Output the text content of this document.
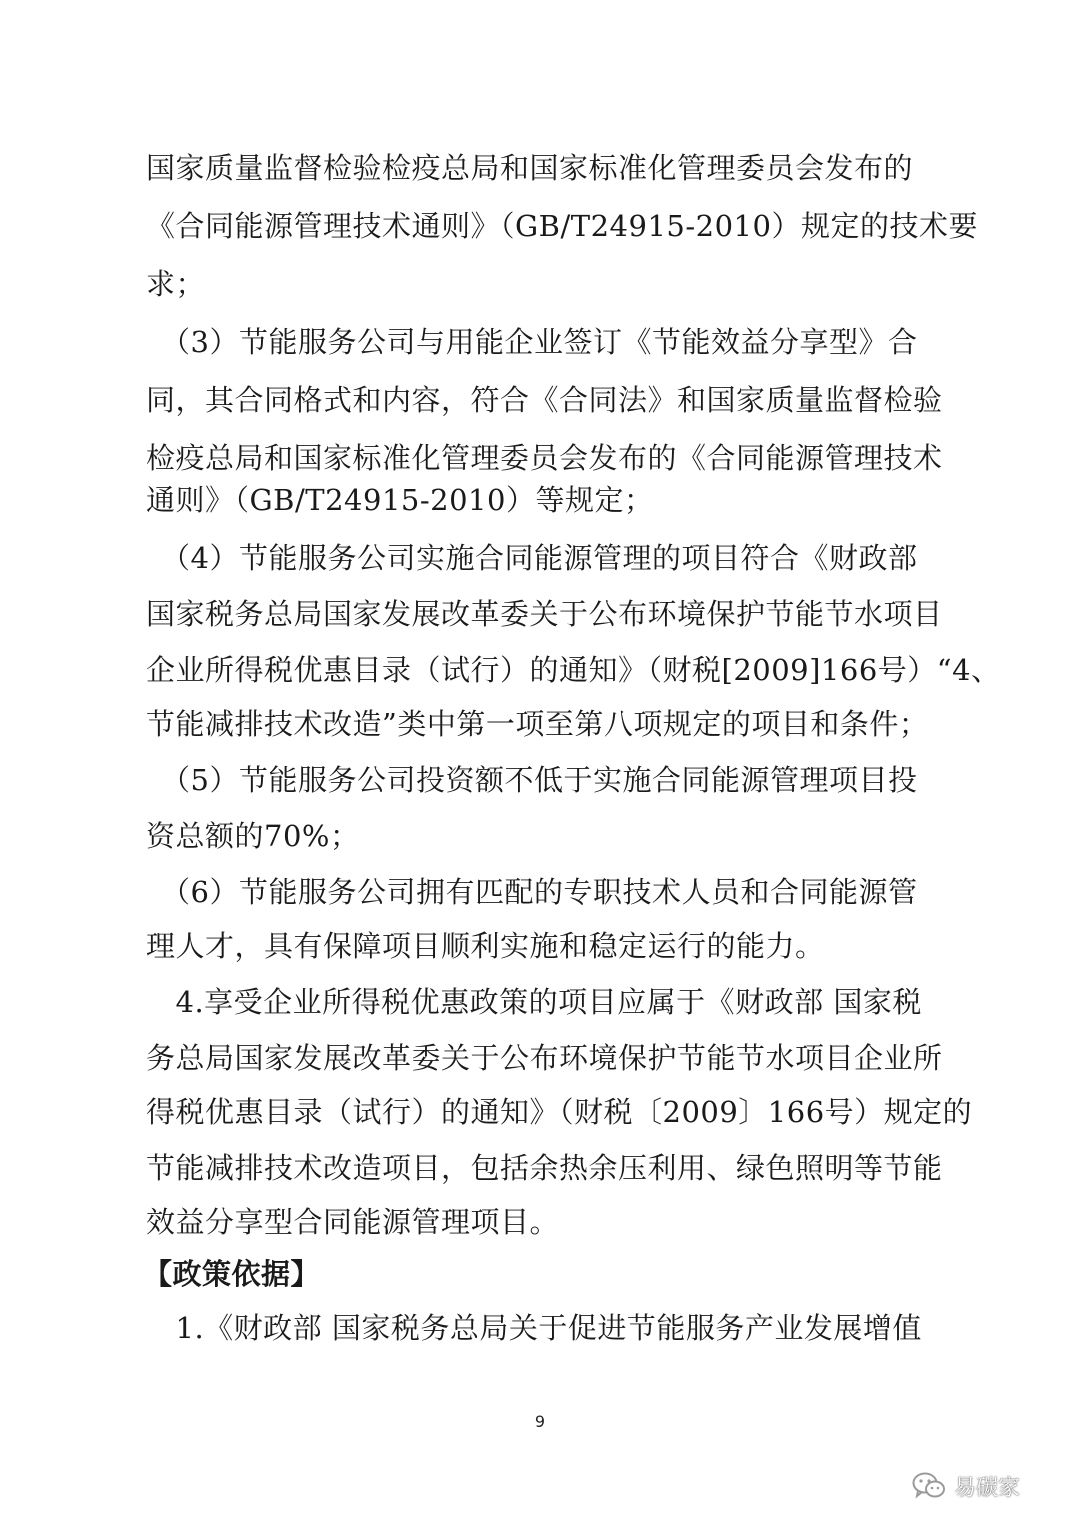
国家质量监督检验检疫总局和国家标准化管理委员会发布的
《合同能源管理技术通则》（GB/T24915-2010）规定的技术要
求；
　（3）节能服务公司与用能企业签订《节能效益分享型》合
同，其合同格式和内容，符合《合同法》和国家质量监督检验
检疫总局和国家标准化管理委员会发布的《合同能源管理技术
通则》（GB/T24915-2010）等规定；
　（4）节能服务公司实施合同能源管理的项目符合《财政部
国家税务总局国家发展改革委关于公布环境保护节能节水项目
企业所得税优惠目录（试行）的通知》（财税[2009]166号）“4、
节能减排技术改造”类中第一项至第八项规定的项目和条件；
　（5）节能服务公司投资额不低于实施合同能源管理项目投
资总额的70%；
　（6）节能服务公司拥有匹配的专职技术人员和合同能源管
理人才，具有保障项目顺利实施和稳定运行的能力。
　4.享受企业所得税优惠政策的项目应属于《财政部 国家税
务总局国家发展改革委关于公布环境保护节能节水项目企业所
得税优惠目录（试行）的通知》（财税〔2009〕166号）规定的
节能减排技术改造项目，包括余热余压利用、绿色照明等节能
效益分享型合同能源管理项目。
【政策依据】
　1.《财政部 国家税务总局关于促进节能服务产业发展增值
9
易碳家
